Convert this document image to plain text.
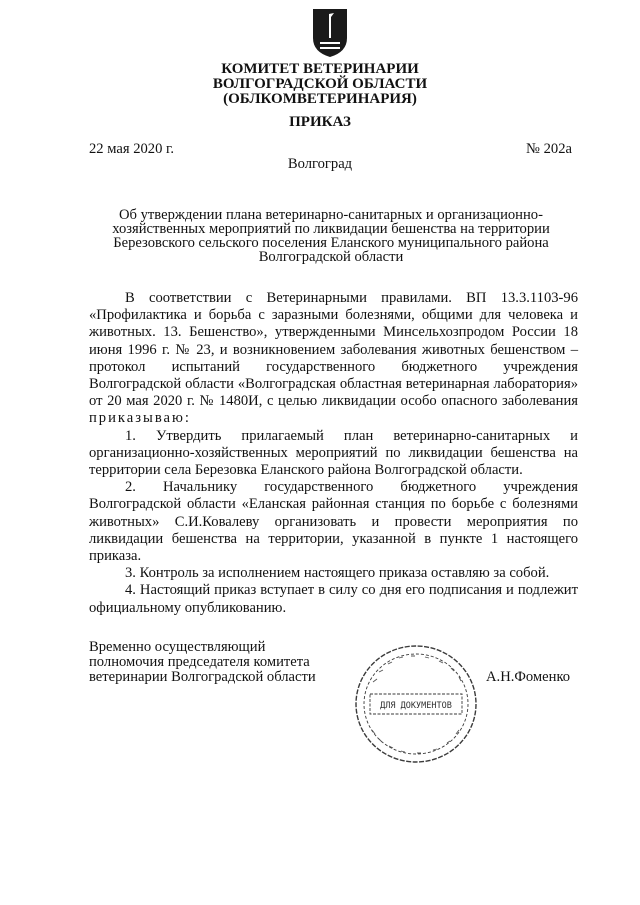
КОМИТЕТ ВЕТЕРИНАРИИ
ВОЛГОГРАДСКОЙ ОБЛАСТИ
(ОБЛКОМВЕТЕРИНАРИЯ)
ПРИКАЗ
22 мая 2020 г.	№ 202а
Волгоград
Об утверждении плана ветеринарно-санитарных и организационно-
хозяйственных мероприятий по ликвидации бешенства на территории
Березовского сельского поселения Еланского муниципального района
Волгоградской области

В соответствии с Ветеринарными правилами. ВП 13.3.1103-96 «Профилактика и борьба с заразными болезнями, общими для человека и животных. 13. Бешенство», утвержденными Минсельхозпродом России 18 июня 1996 г. № 23, и возникновением заболевания животных бешенством – протокол испытаний государственного бюджетного учреждения Волгоградской области «Волгоградская областная ветеринарная лаборатория» от 20 мая 2020 г. № 1480И, с целью ликвидации особо опасного заболевания приказываю:

1. Утвердить прилагаемый план ветеринарно-санитарных и организационно-хозяйственных мероприятий по ликвидации бешенства на территории села Березовка Еланского района Волгоградской области.

2. Начальнику государственного бюджетного учреждения Волгоградской области «Еланская районная станция по борьбе с болезнями животных» С.И.Ковалеву организовать и провести мероприятия по ликвидации бешенства на территории, указанной в пункте 1 настоящего приказа.

3. Контроль за исполнением настоящего приказа оставляю за собой.

4. Настоящий приказ вступает в силу со дня его подписания и подлежит официальному опубликованию.

Временно осуществляющий
полномочия председателя комитета
ветеринарии Волгоградской области	А.Н.Фоменко
ДЛЯ ДОКУМЕНТОВ
